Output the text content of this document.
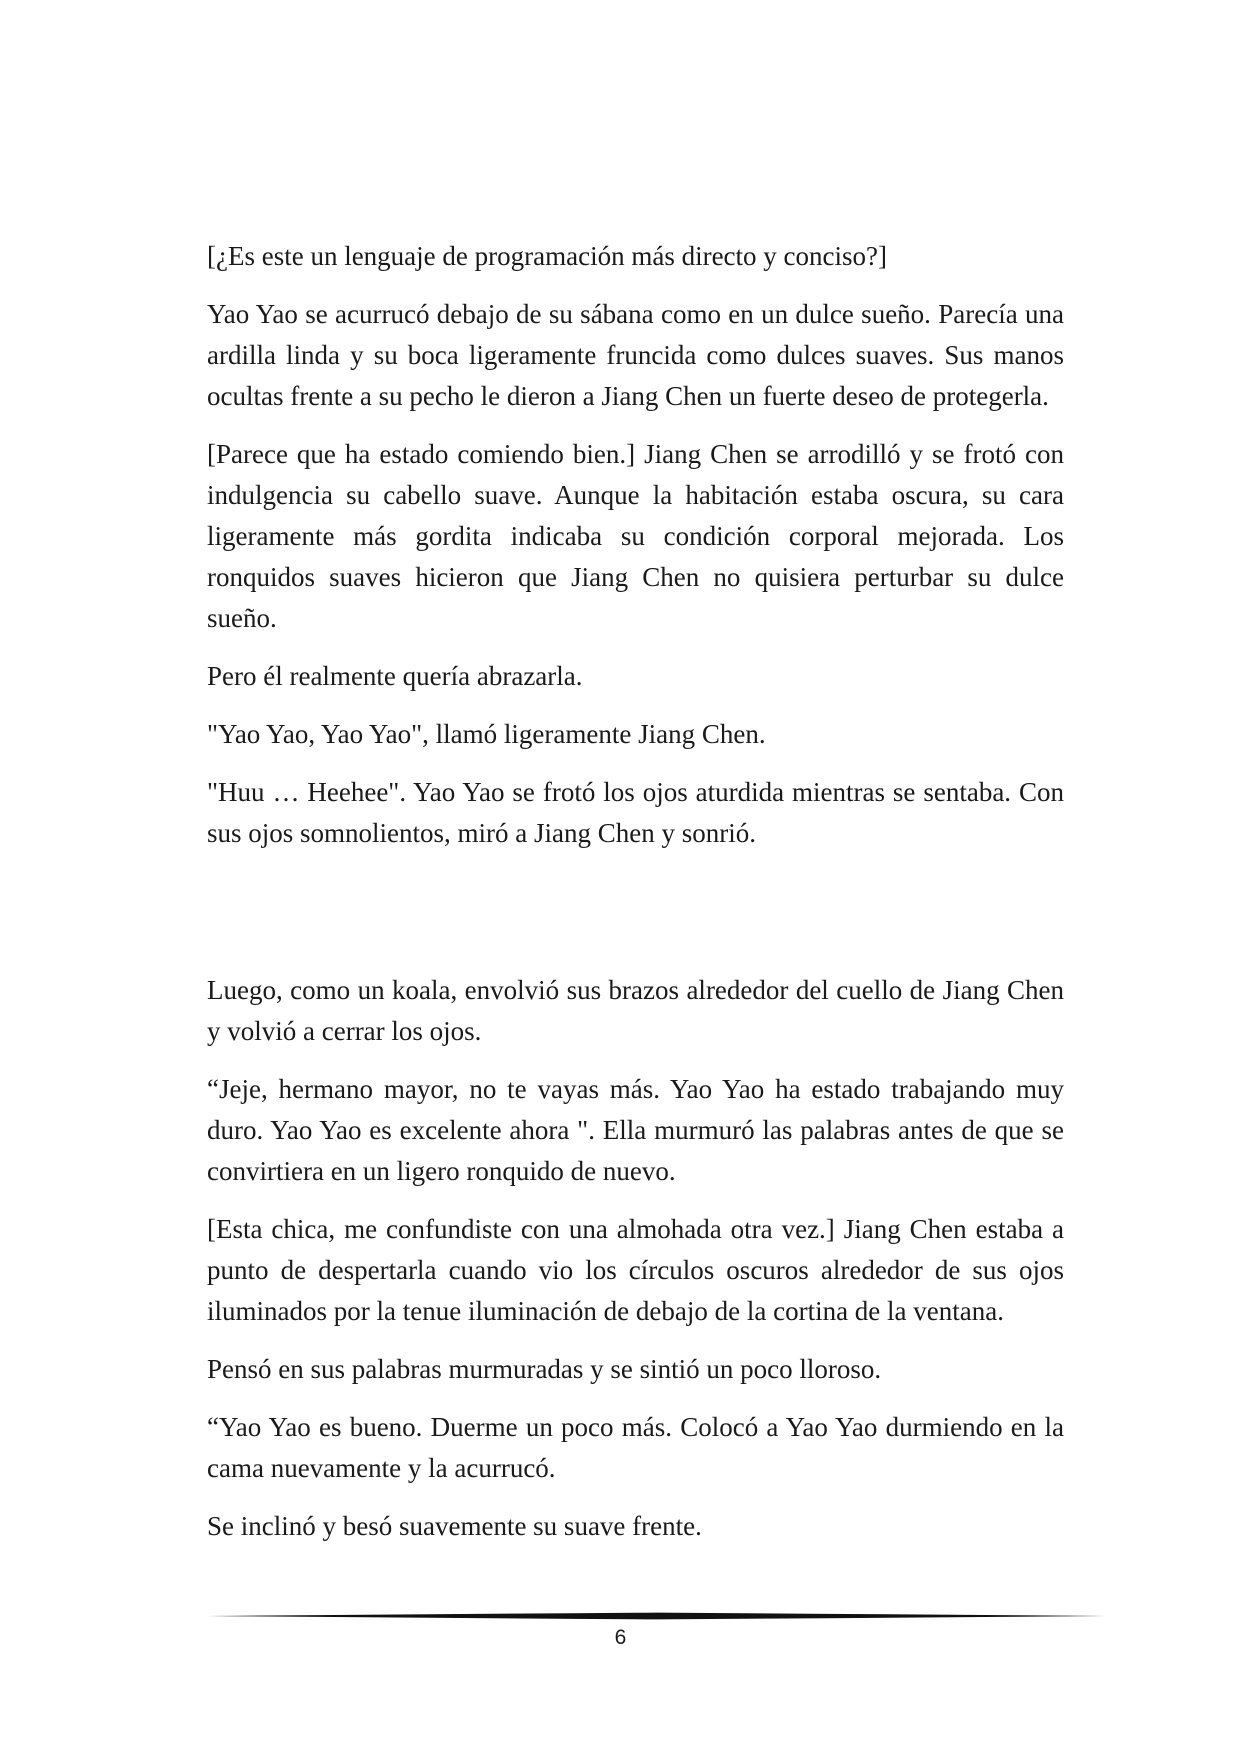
[¿Es este un lenguaje de programación más directo y conciso?]

Yao Yao se acurrucó debajo de su sábana como en un dulce sueño. Parecía una ardilla linda y su boca ligeramente fruncida como dulces suaves. Sus manos ocultas frente a su pecho le dieron a Jiang Chen un fuerte deseo de protegerla.

[Parece que ha estado comiendo bien.] Jiang Chen se arrodilló y se frotó con indulgencia su cabello suave. Aunque la habitación estaba oscura, su cara ligeramente más gordita indicaba su condición corporal mejorada. Los ronquidos suaves hicieron que Jiang Chen no quisiera perturbar su dulce sueño.

Pero él realmente quería abrazarla.

"Yao Yao, Yao Yao", llamó ligeramente Jiang Chen.

"Huu … Heehee". Yao Yao se frotó los ojos aturdida mientras se sentaba. Con sus ojos somnolientos, miró a Jiang Chen y sonrió.

Luego, como un koala, envolvió sus brazos alrededor del cuello de Jiang Chen y volvió a cerrar los ojos.

“Jeje, hermano mayor, no te vayas más. Yao Yao ha estado trabajando muy duro. Yao Yao es excelente ahora ". Ella murmuró las palabras antes de que se convirtiera en un ligero ronquido de nuevo.

[Esta chica, me confundiste con una almohada otra vez.] Jiang Chen estaba a punto de despertarla cuando vio los círculos oscuros alrededor de sus ojos iluminados por la tenue iluminación de debajo de la cortina de la ventana.

Pensó en sus palabras murmuradas y se sintió un poco lloroso.

“Yao Yao es bueno. Duerme un poco más. Colocó a Yao Yao durmiendo en la cama nuevamente y la acurrucó.

Se inclinó y besó suavemente su suave frente.

6
